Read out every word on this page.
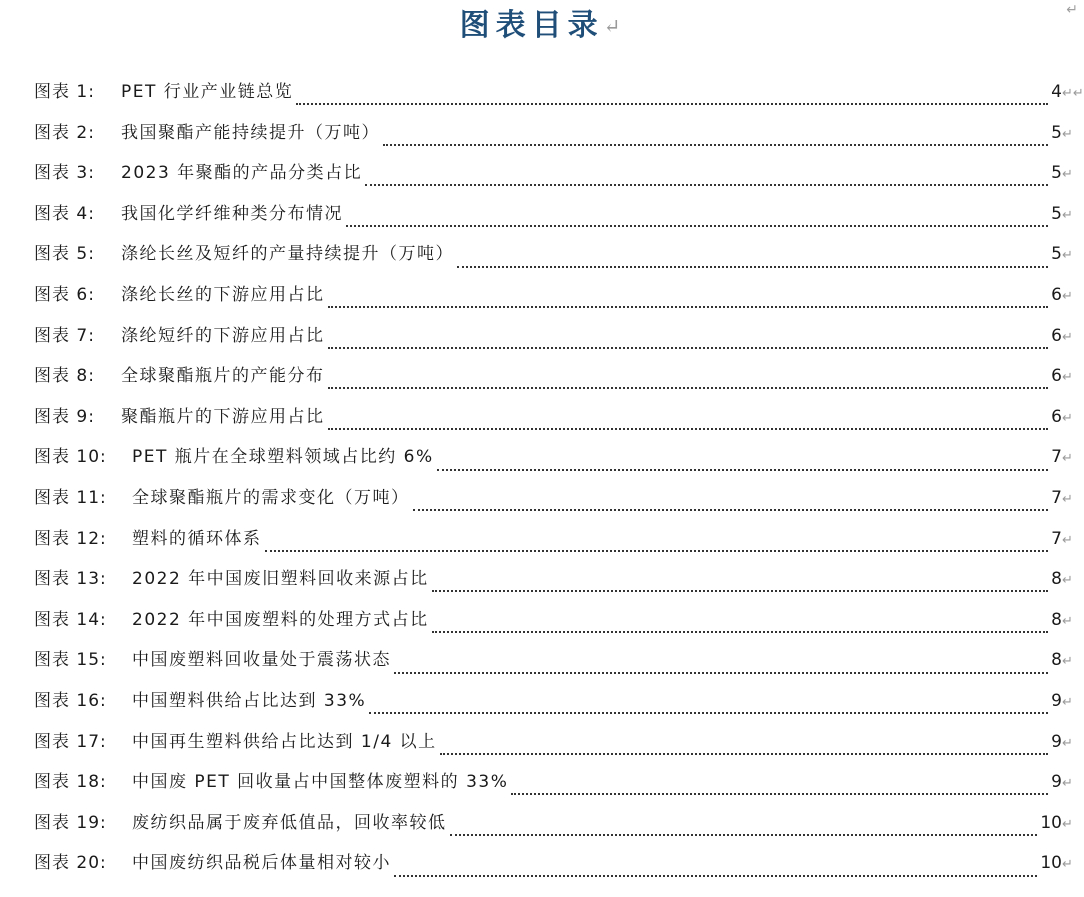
图表目录↵
↵
图表 1:	PET 行业产业链总览	4 ↵↵
图表 2:	我国聚酯产能持续提升（万吨）	5 ↵
图表 3:	2023 年聚酯的产品分类占比	5 ↵
图表 4:	我国化学纤维种类分布情况	5 ↵
图表 5:	涤纶长丝及短纤的产量持续提升（万吨）	5 ↵
图表 6:	涤纶长丝的下游应用占比	6 ↵
图表 7:	涤纶短纤的下游应用占比	6 ↵
图表 8:	全球聚酯瓶片的产能分布	6 ↵
图表 9:	聚酯瓶片的下游应用占比	6 ↵
图表 10:	PET 瓶片在全球塑料领域占比约 6%	7 ↵
图表 11:	全球聚酯瓶片的需求变化（万吨）	7 ↵
图表 12:	塑料的循环体系	7 ↵
图表 13:	2022 年中国废旧塑料回收来源占比	8 ↵
图表 14:	2022 年中国废塑料的处理方式占比	8 ↵
图表 15:	中国废塑料回收量处于震荡状态	8 ↵
图表 16:	中国塑料供给占比达到 33%	9 ↵
图表 17:	中国再生塑料供给占比达到 1/4 以上	9 ↵
图表 18:	中国废 PET 回收量占中国整体废塑料的 33%	9 ↵
图表 19:	废纺织品属于废弃低值品，回收率较低	10 ↵
图表 20:	中国废纺织品税后体量相对较小	10 ↵
